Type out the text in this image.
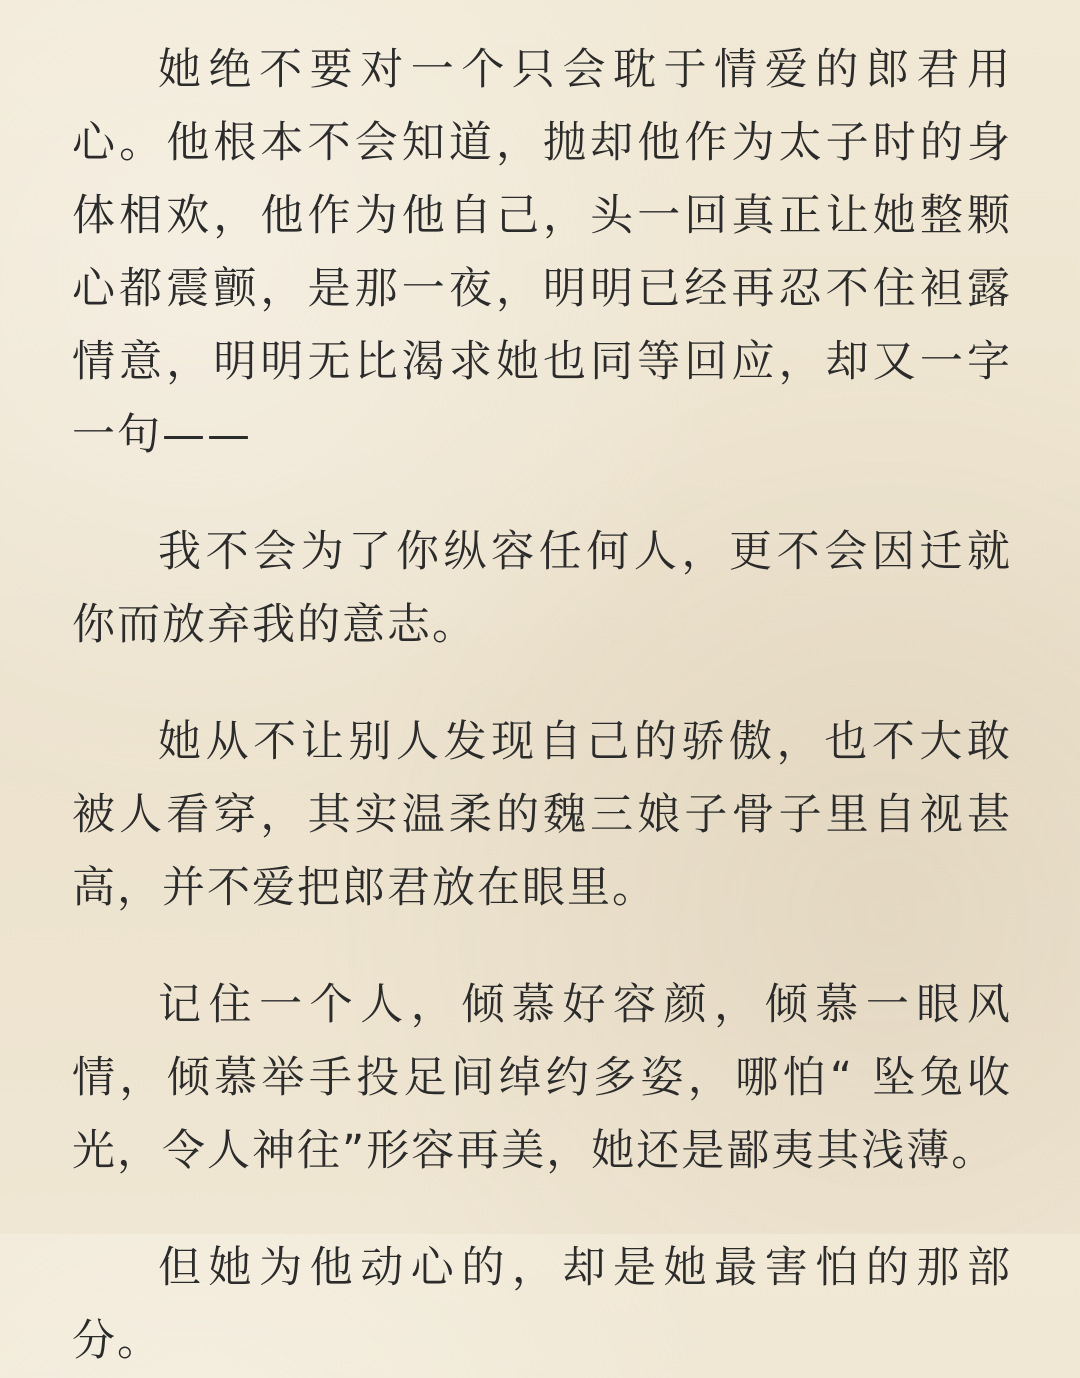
她绝不要对一个只会耽于情爱的郎君用心。他根本不会知道，抛却他作为太子时的身体相欢，他作为他自己，头一回真正让她整颗心都震颤，是那一夜，明明已经再忍不住袒露情意，明明无比渴求她也同等回应，却又一字一句——

我不会为了你纵容任何人，更不会因迁就你而放弃我的意志。

她从不让别人发现自己的骄傲，也不大敢被人看穿，其实温柔的魏三娘子骨子里自视甚高，并不爱把郎君放在眼里。

记住一个人，倾慕好容颜，倾慕一眼风情，倾慕举手投足间绰约多姿，哪怕“ 坠兔收光，令人神往”形容再美，她还是鄙夷其浅薄。

但她为他动心的，却是她最害怕的那部分。
